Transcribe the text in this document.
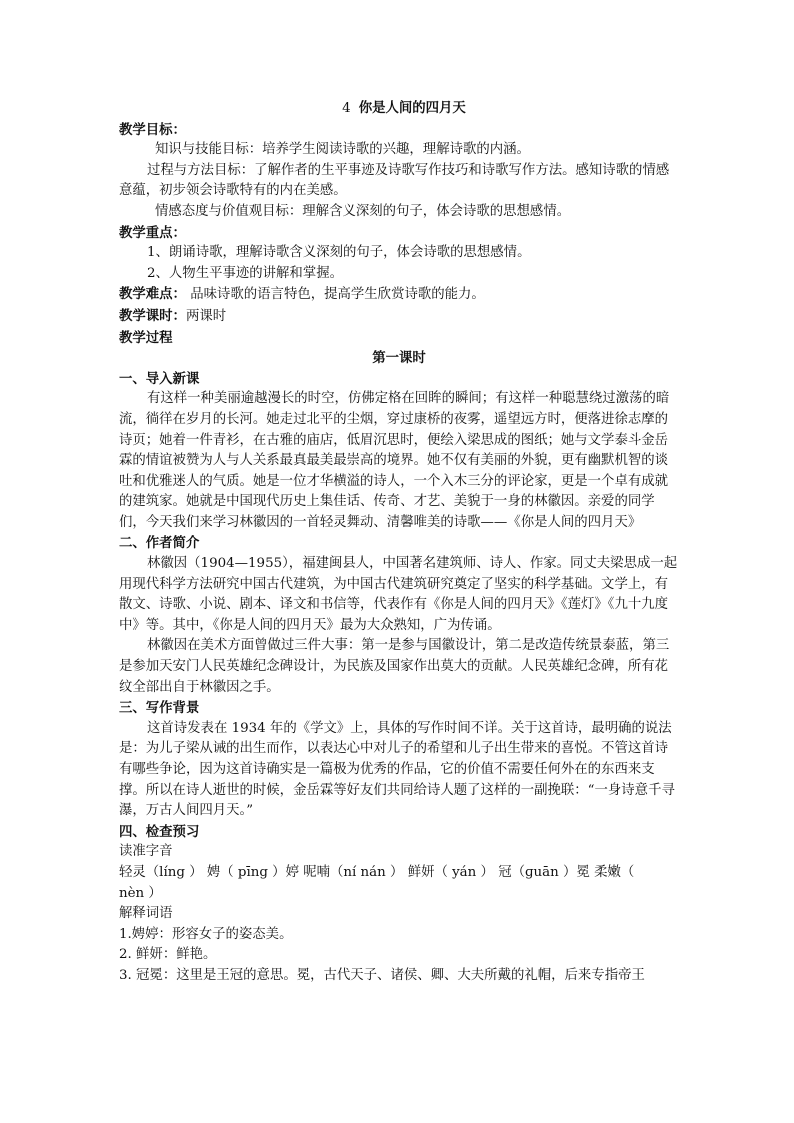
4 你是人间的四月天
教学目标：
知识与技能目标：培养学生阅读诗歌的兴趣，理解诗歌的内涵。
过程与方法目标：了解作者的生平事迹及诗歌写作技巧和诗歌写作方法。感知诗歌的情感意蕴，初步领会诗歌特有的内在美感。
情感态度与价值观目标：理解含义深刻的句子，体会诗歌的思想感情。
教学重点：
1、朗诵诗歌，理解诗歌含义深刻的句子，体会诗歌的思想感情。
2、人物生平事迹的讲解和掌握。
教学难点： 品味诗歌的语言特色，提高学生欣赏诗歌的能力。
教学课时：两课时
教学过程
第一课时
一、导入新课
有这样一种美丽逾越漫长的时空，仿佛定格在回眸的瞬间；有这样一种聪慧绕过激荡的暗流，徜徉在岁月的长河。她走过北平的尘烟，穿过康桥的夜雾，遥望远方时，便落进徐志摩的诗页；她着一件青衫，在古雅的庙店，低眉沉思时，便绘入梁思成的图纸；她与文学泰斗金岳霖的情谊被赞为人与人关系最真最美最崇高的境界。她不仅有美丽的外貌，更有幽默机智的谈吐和优雅迷人的气质。她是一位才华横溢的诗人，一个入木三分的评论家，更是一个卓有成就的建筑家。她就是中国现代历史上集佳话、传奇、才艺、美貌于一身的林徽因。亲爱的同学们，今天我们来学习林徽因的一首轻灵舞动、清馨唯美的诗歌——《你是人间的四月天》
二、作者简介
林徽因（1904—1955），福建闽县人，中国著名建筑师、诗人、作家。同丈夫梁思成一起用现代科学方法研究中国古代建筑，为中国古代建筑研究奠定了坚实的科学基础。文学上，有散文、诗歌、小说、剧本、译文和书信等，代表作有《你是人间的四月天》《莲灯》《九十九度中》等。其中，《你是人间的四月天》最为大众熟知，广为传诵。
林徽因在美术方面曾做过三件大事：第一是参与国徽设计，第二是改造传统景泰蓝，第三是参加天安门人民英雄纪念碑设计，为民族及国家作出莫大的贡献。人民英雄纪念碑，所有花纹全部出自于林徽因之手。
三、写作背景
这首诗发表在 1934 年的《学文》上，具体的写作时间不详。关于这首诗，最明确的说法是：为儿子梁从诫的出生而作，以表达心中对儿子的希望和儿子出生带来的喜悦。不管这首诗有哪些争论，因为这首诗确实是一篇极为优秀的作品，它的价值不需要任何外在的东西来支撑。所以在诗人逝世的时候，金岳霖等好友们共同给诗人题了这样的一副挽联：“一身诗意千寻瀑，万古人间四月天。”
四、检查预习
读准字音
轻灵（líng ） 娉（ pīng ）婷 呢喃（ní nán ） 鲜妍（ yán ） 冠（ɡuān ）冕 柔嫩（
nèn ）
解释词语
1.娉婷：形容女子的姿态美。
2. 鲜妍：鲜艳。
3. 冠冕：这里是王冠的意思。冕，古代天子、诸侯、卿、大夫所戴的礼帽，后来专指帝王
